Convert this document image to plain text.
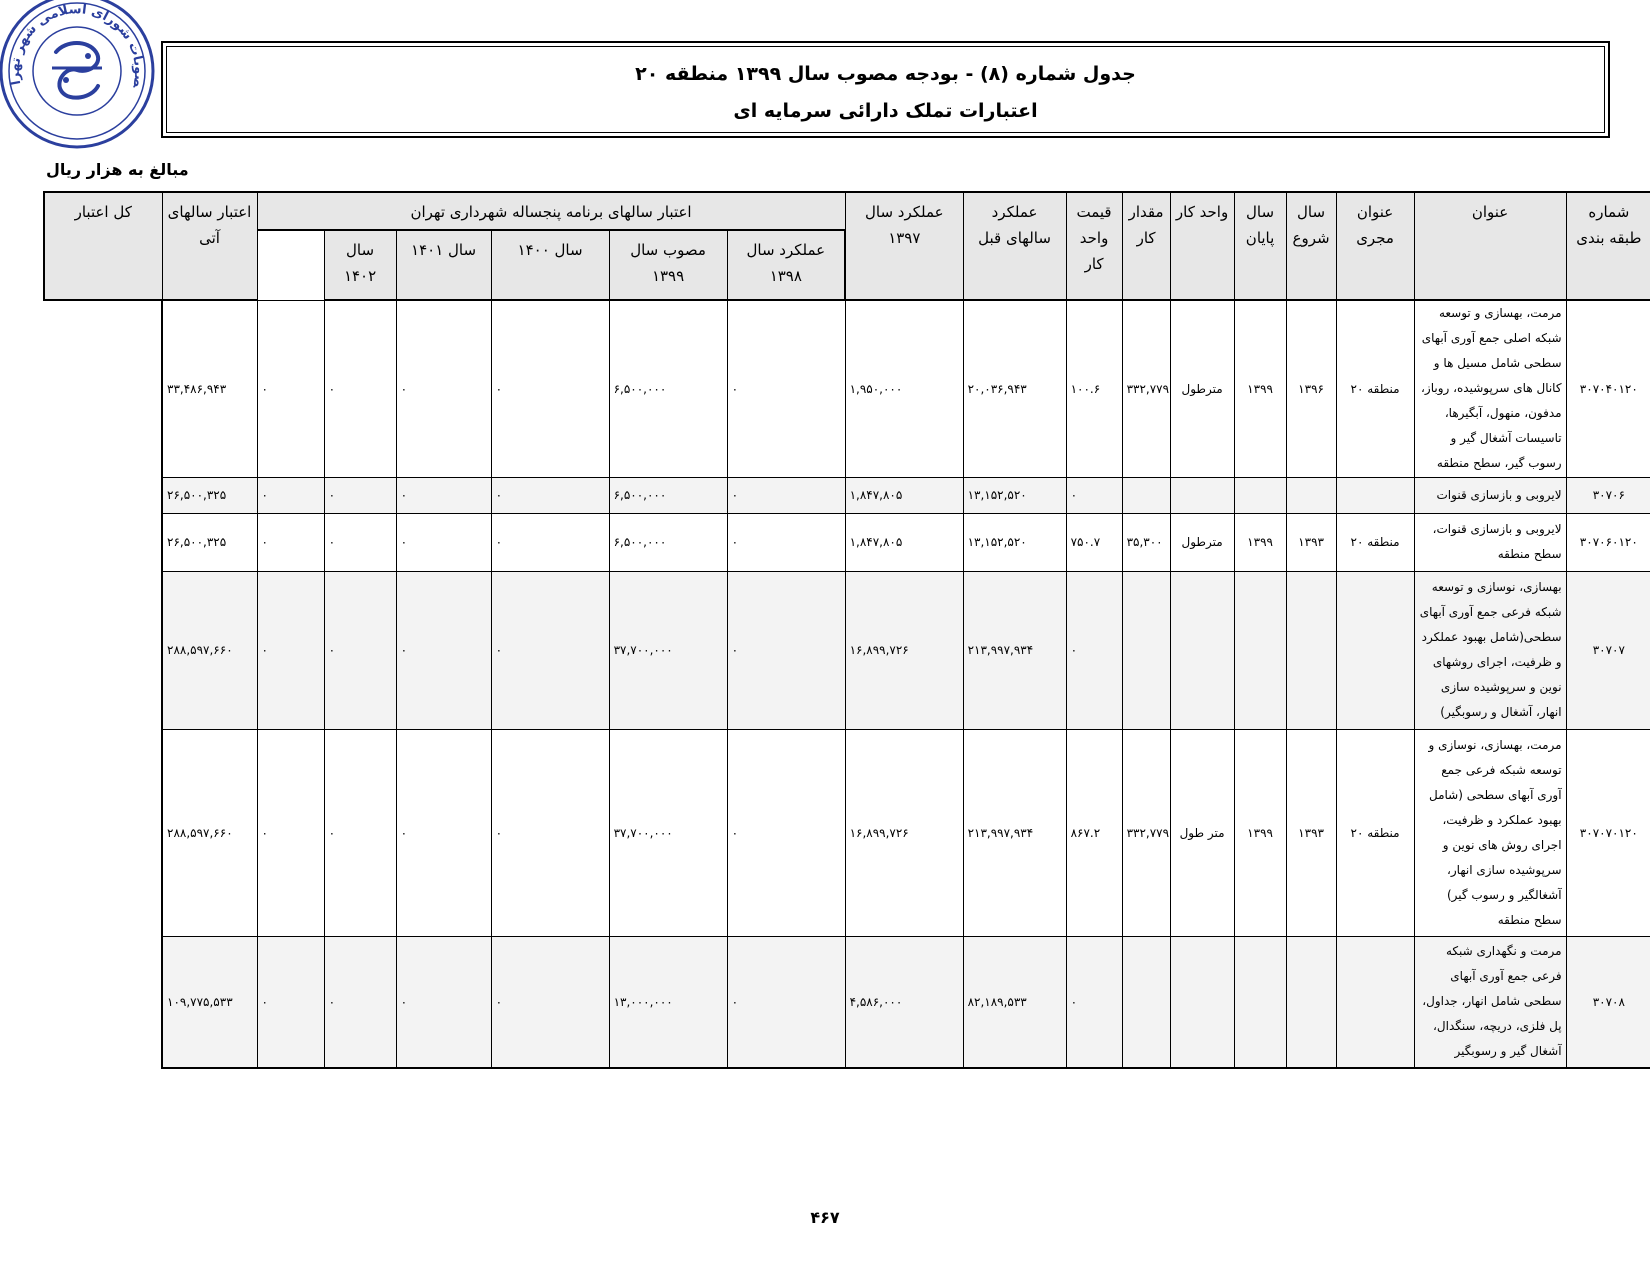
صوبات شورای اسلامی شهر تهرا	جدول شماره (۸) - بودجه مصوب سال ۱۳۹۹ منطقه ۲۰
اعتبارات تملک دارائی سرمایه ای
مبالغ به هزار ریال
شماره طبقه بندی	عنوان	عنوان مجری	سال شروع	سال پایان	واحد کار	مقدار کار	قیمت واحد کار	عملکرد سالهای قبل	عملکرد سال ۱۳۹۷	اعتبار سالهای برنامه پنجساله شهرداری تهران						اعتبار سالهای آتی	کل اعتبار
										عملکرد سال ۱۳۹۸	مصوب سال ۱۳۹۹	سال ۱۴۰۰	سال ۱۴۰۱	سال ۱۴۰۲		
۳۰۷۰۴۰۱۲۰	مرمت، بهسازی و توسعه شبکه اصلی جمع آوری آبهای سطحی شامل مسیل ها و کانال های سرپوشیده، روباز، مدفون، منهول، آبگیرها، تاسیسات آشغال گیر و رسوب گیر، سطح منطقه	منطقه ۲۰	۱۳۹۶	۱۳۹۹	مترطول	۳۳۲,۷۷۹	۱۰۰.۶	۲۰,۰۳۶,۹۴۳	۱,۹۵۰,۰۰۰	۰	۶,۵۰۰,۰۰۰	۰	۰	۰	۰	۳۳,۴۸۶,۹۴۳	
۳۰۷۰۶	لایروبی و بازسازی قنوات						۰	۱۳,۱۵۲,۵۲۰	۱,۸۴۷,۸۰۵	۰	۶,۵۰۰,۰۰۰	۰	۰	۰	۰	۲۶,۵۰۰,۳۲۵	
۳۰۷۰۶۰۱۲۰	لایروبی و بازسازی قنوات، سطح منطقه	منطقه ۲۰	۱۳۹۳	۱۳۹۹	مترطول	۳۵,۳۰۰	۷۵۰.۷	۱۳,۱۵۲,۵۲۰	۱,۸۴۷,۸۰۵	۰	۶,۵۰۰,۰۰۰	۰	۰	۰	۰	۲۶,۵۰۰,۳۲۵	
۳۰۷۰۷	بهسازی، نوسازی و توسعه شبکه فرعی جمع آوری آبهای سطحی(شامل بهبود عملکرد و ظرفیت، اجرای روشهای نوین و سرپوشیده سازی انهار، آشغال و رسوبگیر)						۰	۲۱۳,۹۹۷,۹۳۴	۱۶,۸۹۹,۷۲۶	۰	۳۷,۷۰۰,۰۰۰	۰	۰	۰	۰	۲۸۸,۵۹۷,۶۶۰	
۳۰۷۰۷۰۱۲۰	مرمت، بهسازی، نوسازی و توسعه شبکه فرعی جمع آوری آبهای سطحی (شامل بهبود عملکرد و ظرفیت، اجرای روش های نوین و سرپوشیده سازی انهار، آشغالگیر و رسوب گیر) سطح منطقه	منطقه ۲۰	۱۳۹۳	۱۳۹۹	متر طول	۳۳۲,۷۷۹	۸۶۷.۲	۲۱۳,۹۹۷,۹۳۴	۱۶,۸۹۹,۷۲۶	۰	۳۷,۷۰۰,۰۰۰	۰	۰	۰	۰	۲۸۸,۵۹۷,۶۶۰	
۳۰۷۰۸	مرمت و نگهداری شبکه فرعی جمع آوری آبهای سطحی شامل انهار، جداول، پل فلزی، دریچه، سنگدال، آشغال گیر و رسوبگیر						۰	۸۲,۱۸۹,۵۳۳	۴,۵۸۶,۰۰۰	۰	۱۳,۰۰۰,۰۰۰	۰	۰	۰	۰	۱۰۹,۷۷۵,۵۳۳	
۴۶۷
